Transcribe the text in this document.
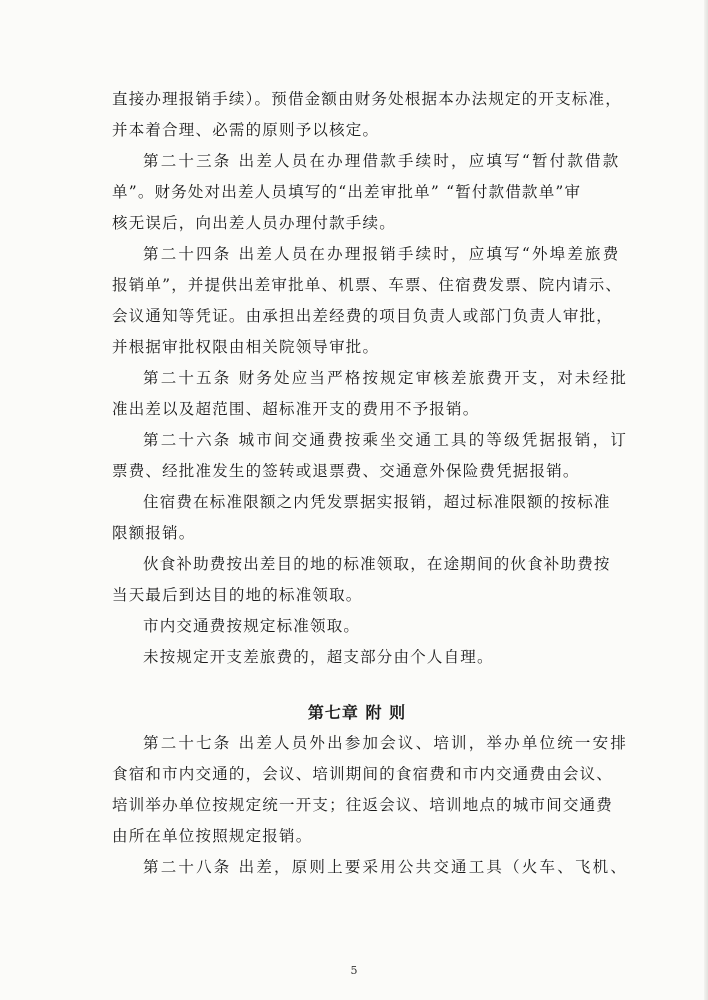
直接办理报销手续）。预借金额由财务处根据本办法规定的开支标准，
并本着合理、必需的原则予以核定。
第二十三条 出差人员在办理借款手续时，应填写“暂付款借款
单”。财务处对出差人员填写的“出差审批单” “暂付款借款单”审
核无误后，向出差人员办理付款手续。
第二十四条 出差人员在办理报销手续时，应填写“外埠差旅费
报销单”，并提供出差审批单、机票、车票、住宿费发票、院内请示、
会议通知等凭证。由承担出差经费的项目负责人或部门负责人审批，
并根据审批权限由相关院领导审批。
第二十五条 财务处应当严格按规定审核差旅费开支，对未经批
准出差以及超范围、超标准开支的费用不予报销。
第二十六条 城市间交通费按乘坐交通工具的等级凭据报销，订
票费、经批准发生的签转或退票费、交通意外保险费凭据报销。
住宿费在标准限额之内凭发票据实报销，超过标准限额的按标准
限额报销。
伙食补助费按出差目的地的标准领取，在途期间的伙食补助费按
当天最后到达目的地的标准领取。
市内交通费按规定标准领取。
未按规定开支差旅费的，超支部分由个人自理。
第七章 附 则
第二十七条 出差人员外出参加会议、培训，举办单位统一安排
食宿和市内交通的，会议、培训期间的食宿费和市内交通费由会议、
培训举办单位按规定统一开支；往返会议、培训地点的城市间交通费
由所在单位按照规定报销。
第二十八条 出差，原则上要采用公共交通工具（火车、飞机、
5
